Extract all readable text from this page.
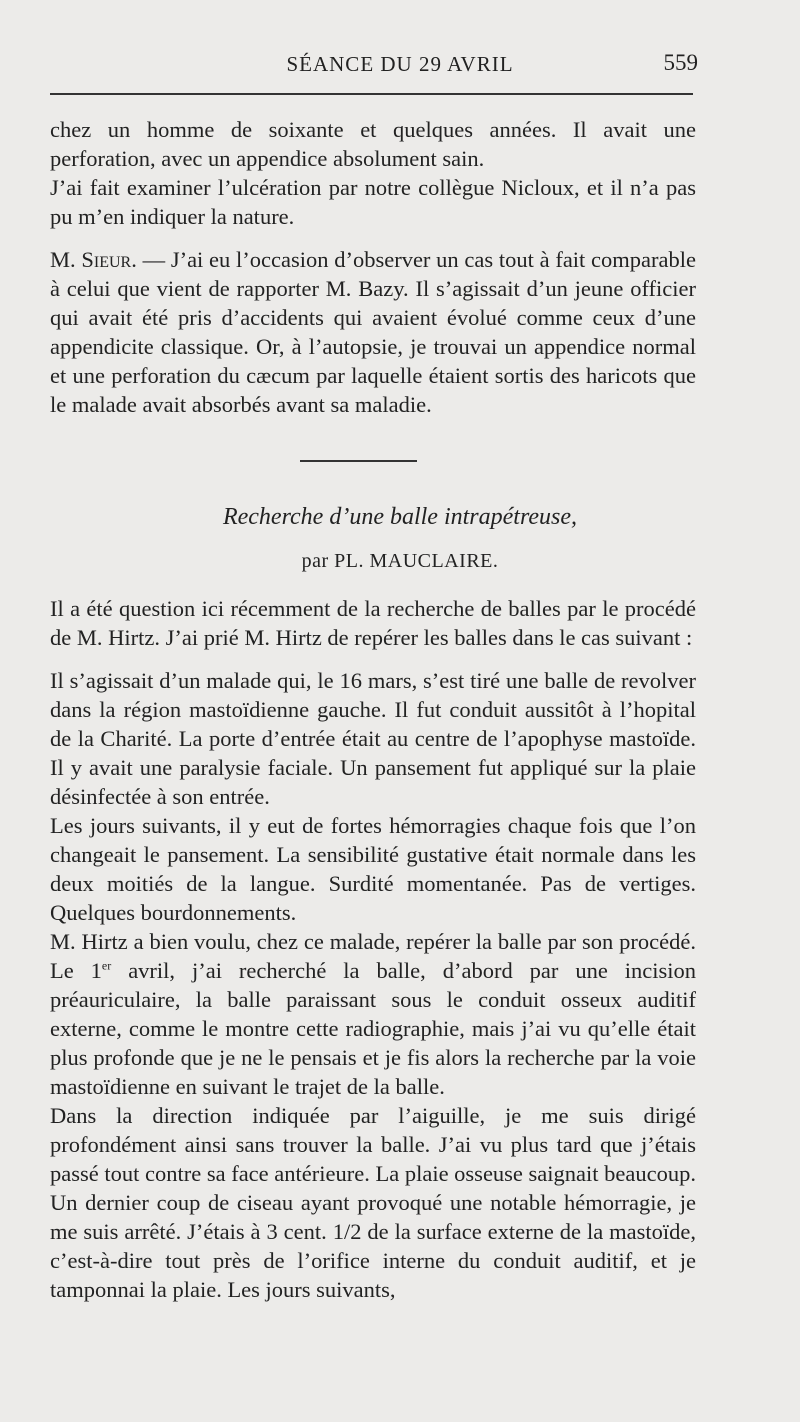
SÉANCE DU 29 AVRIL	559

chez un homme de soixante et quelques années. Il avait une perforation, avec un appendice absolument sain.

J’ai fait examiner l’ulcération par notre collègue Nicloux, et il n’a pas pu m’en indiquer la nature.

M. Sieur. — J’ai eu l’occasion d’observer un cas tout à fait comparable à celui que vient de rapporter M. Bazy. Il s’agissait d’un jeune officier qui avait été pris d’accidents qui avaient évolué comme ceux d’une appendicite classique. Or, à l’autopsie, je trouvai un appendice normal et une perforation du cæcum par laquelle étaient sortis des haricots que le malade avait absorbés avant sa maladie.

Recherche d’une balle intrapétreuse,
par PL. MAUCLAIRE.

Il a été question ici récemment de la recherche de balles par le procédé de M. Hirtz. J’ai prié M. Hirtz de repérer les balles dans le cas suivant :

Il s’agissait d’un malade qui, le 16 mars, s’est tiré une balle de revolver dans la région mastoïdienne gauche. Il fut conduit aussitôt à l’hopital de la Charité. La porte d’entrée était au centre de l’apophyse mastoïde. Il y avait une paralysie faciale. Un pansement fut appliqué sur la plaie désinfectée à son entrée.

Les jours suivants, il y eut de fortes hémorragies chaque fois que l’on changeait le pansement. La sensibilité gustative était normale dans les deux moitiés de la langue. Surdité momentanée. Pas de vertiges. Quelques bourdonnements.

M. Hirtz a bien voulu, chez ce malade, repérer la balle par son procédé. Le 1er avril, j’ai recherché la balle, d’abord par une incision préauriculaire, la balle paraissant sous le conduit osseux auditif externe, comme le montre cette radiographie, mais j’ai vu qu’elle était plus profonde que je ne le pensais et je fis alors la recherche par la voie mastoïdienne en suivant le trajet de la balle.

Dans la direction indiquée par l’aiguille, je me suis dirigé profondément ainsi sans trouver la balle. J’ai vu plus tard que j’étais passé tout contre sa face antérieure. La plaie osseuse saignait beaucoup. Un dernier coup de ciseau ayant provoqué une notable hémorragie, je me suis arrêté. J’étais à 3 cent. 1/2 de la surface externe de la mastoïde, c’est-à-dire tout près de l’orifice interne du conduit auditif, et je tamponnai la plaie. Les jours suivants,
